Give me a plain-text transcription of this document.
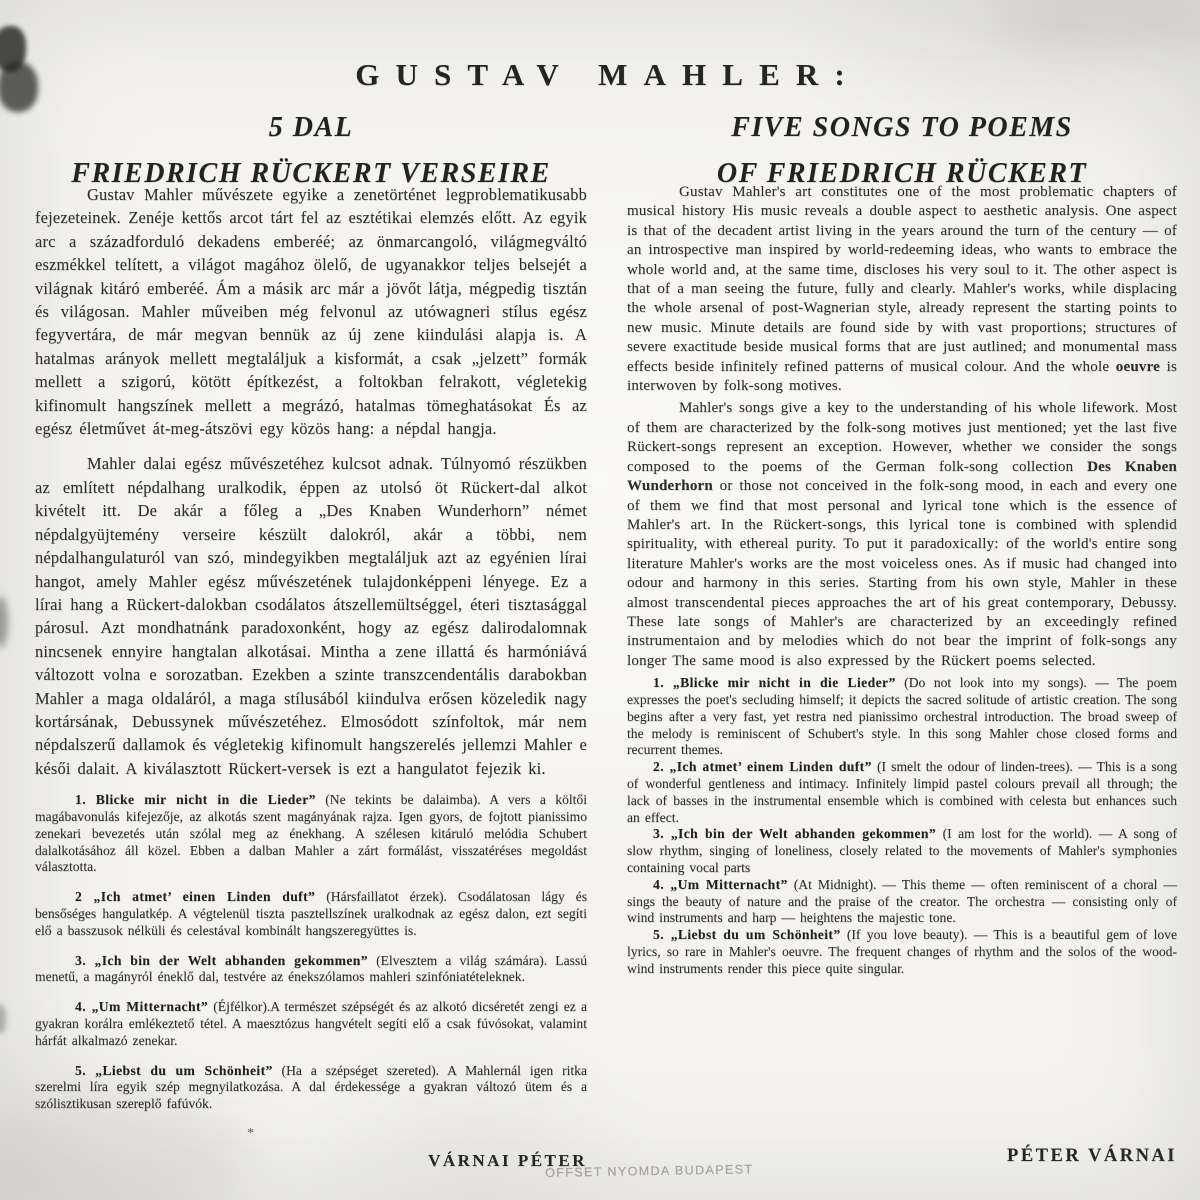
GUSTAV MAHLER:
5 DAL
FRIEDRICH RÜCKERT VERSEIRE
FIVE SONGS TO POEMS
OF FRIEDRICH RÜCKERT

Gustav Mahler művészete egyike a zenetörténet legproblematikusabb fejezeteinek. Zenéje kettős arcot tárt fel az esztétikai elemzés előtt. Az egyik arc a századforduló dekadens emberéé; az önmarcangoló, világmegváltó eszmékkel telített, a világot magához ölelő, de ugyanakkor teljes belsejét a világnak kitáró emberéé. Ám a másik arc már a jövőt látja, mégpedig tisztán és világosan. Mahler műveiben még felvonul az utówagneri stílus egész fegyvertára, de már megvan bennük az új zene kiindulási alapja is. A hatalmas arányok mellett megtaláljuk a kisformát, a csak „jelzett” formák mellett a szigorú, kötött építkezést, a foltokban felrakott, végletekig kifinomult hangszínek mellett a megrázó, hatalmas tömeghatásokat És az egész életművet át-meg-átszövi egy közös hang: a népdal hangja.

Mahler dalai egész művészetéhez kulcsot adnak. Túlnyomó részükben az említett népdalhang uralkodik, éppen az utolsó öt Rückert-dal alkot kivételt itt. De akár a főleg a „Des Knaben Wunderhorn” német népdalgyüjtemény verseire készült dalokról, akár a többi, nem népdalhangulaturól van szó, mindegyikben megtaláljuk azt az egyénien lírai hangot, amely Mahler egész művészetének tulajdonképpeni lényege. Ez a lírai hang a Rückert-dalokban csodálatos átszellemültséggel, éteri tisztasággal párosul. Azt mondhatnánk paradoxonként, hogy az egész dalirodalomnak nincsenek ennyire hangtalan alkotásai. Mintha a zene illattá és harmóniává változott volna e sorozatban. Ezekben a szinte transzcendentális darabokban Mahler a maga oldaláról, a maga stílusából kiindulva erősen közeledik nagy kortársának, Debussynek művészetéhez. Elmosódott színfoltok, már nem népdalszerű dallamok és végletekig kifinomult hangszerelés jellemzi Mahler e késői dalait. A kiválasztott Rückert-versek is ezt a hangulatot fejezik ki.

1. Blicke mir nicht in die Lieder” (Ne tekints be dalaimba). A vers a költői magábavonulás kifejezője, az alkotás szent magányának rajza. Igen gyors, de fojtott pianissimo zenekari bevezetés után szólal meg az énekhang. A szélesen kitáruló melódia Schubert dalalkotásához áll közel. Ebben a dalban Mahler a zárt formálást, visszatéréses megoldást választotta.

2 „Ich atmet’ einen Linden duft” (Hársfaillatot érzek). Csodálatosan lágy és bensőséges hangulatkép. A végtelenül tiszta pasztellszínek uralkodnak az egész dalon, ezt segíti elő a basszusok nélküli és celestával kombinált hangszeregyüttes is.

3. „Ich bin der Welt abhanden gekommen” (Elvesztem a világ számára). Lassú menetű, a magányról éneklő dal, testvére az énekszólamos mahleri szinfóniatételeknek.

4. „Um Mitternacht” (Éjfélkor).A természet szépségét és az alkotó dicséretét zengi ez a gyakran korálra emlékeztető tétel. A maesztózus hangvételt segíti elő a csak fúvósokat, valamint hárfát alkalmazó zenekar.

5. „Liebst du um Schönheit” (Ha a szépséget szereted). A Mahlernál igen ritka szerelmi líra egyik szép megnyilatkozása. A dal érdekessége a gyakran változó ütem és a szólisztikusan szereplő fafúvók.

Gustav Mahler's art constitutes one of the most problematic chapters of musical history His music reveals a double aspect to aesthetic analysis. One aspect is that of the decadent artist living in the years around the turn of the century — of an introspective man inspired by world-redeeming ideas, who wants to embrace the whole world and, at the same time, discloses his very soul to it. The other aspect is that of a man seeing the future, fully and clearly. Mahler's works, while displacing the whole arsenal of post-Wagnerian style, already represent the starting points to new music. Minute details are found side by with vast proportions; structures of severe exactitude beside musical forms that are just autlined; and monumental mass effects beside infinitely refined patterns of musical colour. And the whole oeuvre is interwoven by folk-song motives.

Mahler's songs give a key to the understanding of his whole lifework. Most of them are characterized by the folk-song motives just mentioned; yet the last five Rückert-songs represent an exception. However, whether we consider the songs composed to the poems of the German folk-song collection Des Knaben Wunderhorn or those not conceived in the folk-song mood, in each and every one of them we find that most personal and lyrical tone which is the essence of Mahler's art. In the Rückert-songs, this lyrical tone is combined with splendid spirituality, with ethereal purity. To put it paradoxically: of the world's entire song literature Mahler's works are the most voiceless ones. As if music had changed into odour and harmony in this series. Starting from his own style, Mahler in these almost transcendental pieces approaches the art of his great contemporary, Debussy. These late songs of Mahler's are characterized by an exceedingly refined instrumentaion and by melodies which do not bear the imprint of folk-songs any longer The same mood is also expressed by the Rückert poems selected.

1. „Blicke mir nicht in die Lieder” (Do not look into my songs). — The poem expresses the poet's secluding himself; it depicts the sacred solitude of artistic creation. The song begins after a very fast, yet restra ned pianissimo orchestral introduction. The broad sweep of the melody is reminiscent of Schubert's style. In this song Mahler chose closed forms and recurrent themes.

2. „Ich atmet’ einem Linden duft” (I smelt the odour of linden-trees). — This is a song of wonderful gentleness and intimacy. Infinitely limpid pastel colours prevail all through; the lack of basses in the instrumental ensemble which is combined with celesta but enhances such an effect.

3. „Ich bin der Welt abhanden gekommen” (I am lost for the world). — A song of slow rhythm, singing of loneliness, closely related to the movements of Mahler's symphonies containing vocal parts

4. „Um Mitternacht” (At Midnight). — This theme — often reminiscent of a choral — sings the beauty of nature and the praise of the creator. The orchestra — consisting only of wind instruments and harp — heightens the majestic tone.

5. „Liebst du um Schönheit” (If you love beauty). — This is a beautiful gem of love lyrics, so rare in Mahler's oeuvre. The frequent changes of rhythm and the solos of the wood-wind instruments render this piece quite singular.

*
VÁRNAI PÉTER	PÉTER VÁRNAI
OFFSET NYOMDA BUDAPEST
